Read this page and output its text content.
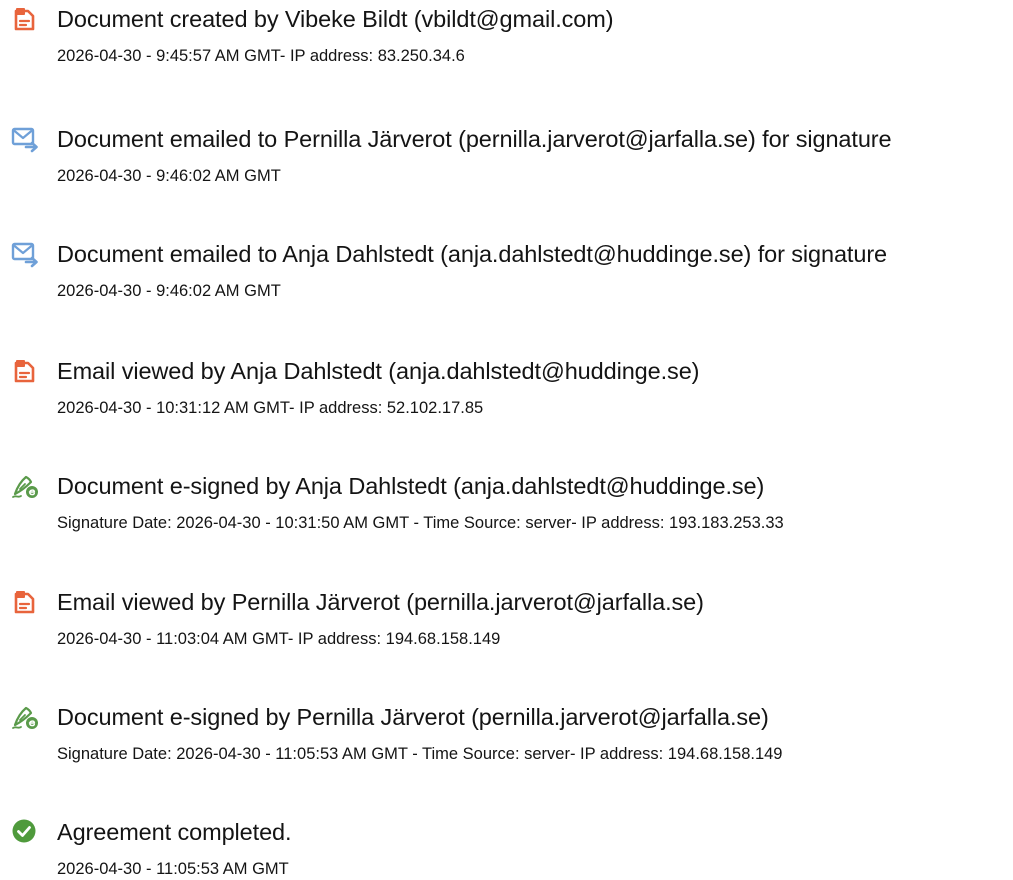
Document created by Vibeke Bildt (vbildt@gmail.com)
2026-04-30 - 9:45:57 AM GMT- IP address: 83.250.34.6
Document emailed to Pernilla Järverot (pernilla.jarverot@jarfalla.se) for signature
2026-04-30 - 9:46:02 AM GMT
Document emailed to Anja Dahlstedt (anja.dahlstedt@huddinge.se) for signature
2026-04-30 - 9:46:02 AM GMT
Email viewed by Anja Dahlstedt (anja.dahlstedt@huddinge.se)
2026-04-30 - 10:31:12 AM GMT- IP address: 52.102.17.85
Document e-signed by Anja Dahlstedt (anja.dahlstedt@huddinge.se)
Signature Date: 2026-04-30 - 10:31:50 AM GMT - Time Source: server- IP address: 193.183.253.33
Email viewed by Pernilla Järverot (pernilla.jarverot@jarfalla.se)
2026-04-30 - 11:03:04 AM GMT- IP address: 194.68.158.149
Document e-signed by Pernilla Järverot (pernilla.jarverot@jarfalla.se)
Signature Date: 2026-04-30 - 11:05:53 AM GMT - Time Source: server- IP address: 194.68.158.149
Agreement completed.
2026-04-30 - 11:05:53 AM GMT
